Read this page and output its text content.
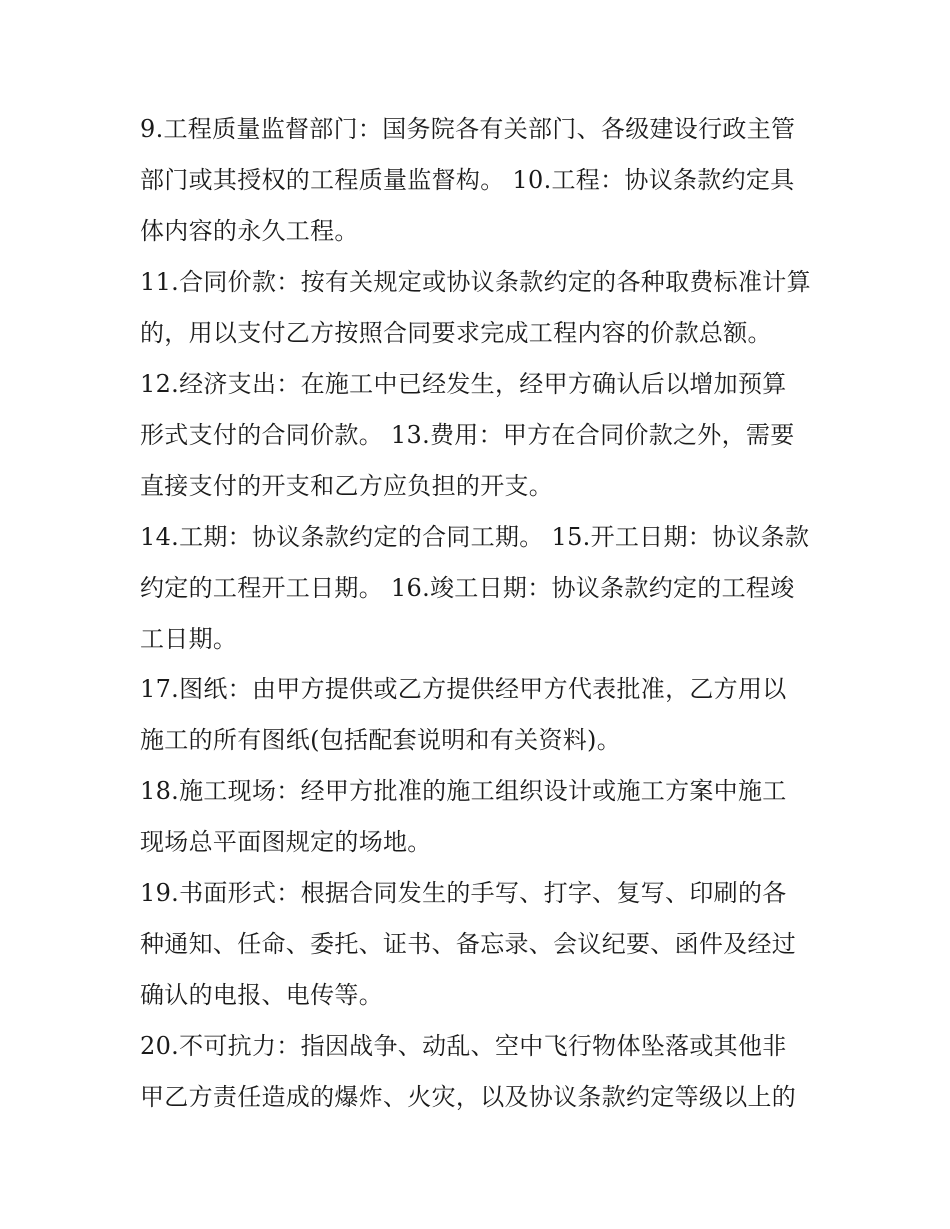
9.工程质量监督部门：国务院各有关部门、各级建设行政主管
部门或其授权的工程质量监督构。 10.工程：协议条款约定具
体内容的永久工程。
11.合同价款：按有关规定或协议条款约定的各种取费标准计算
的，用以支付乙方按照合同要求完成工程内容的价款总额。
12.经济支出：在施工中已经发生，经甲方确认后以增加预算
形式支付的合同价款。 13.费用：甲方在合同价款之外，需要
直接支付的开支和乙方应负担的开支。
14.工期：协议条款约定的合同工期。 15.开工日期：协议条款
约定的工程开工日期。 16.竣工日期：协议条款约定的工程竣
工日期。
17.图纸：由甲方提供或乙方提供经甲方代表批准，乙方用以
施工的所有图纸(包括配套说明和有关资料)。
18.施工现场：经甲方批准的施工组织设计或施工方案中施工
现场总平面图规定的场地。
19.书面形式：根据合同发生的手写、打字、复写、印刷的各
种通知、任命、委托、证书、备忘录、会议纪要、函件及经过
确认的电报、电传等。
20.不可抗力：指因战争、动乱、空中飞行物体坠落或其他非
甲乙方责任造成的爆炸、火灾，以及协议条款约定等级以上的
